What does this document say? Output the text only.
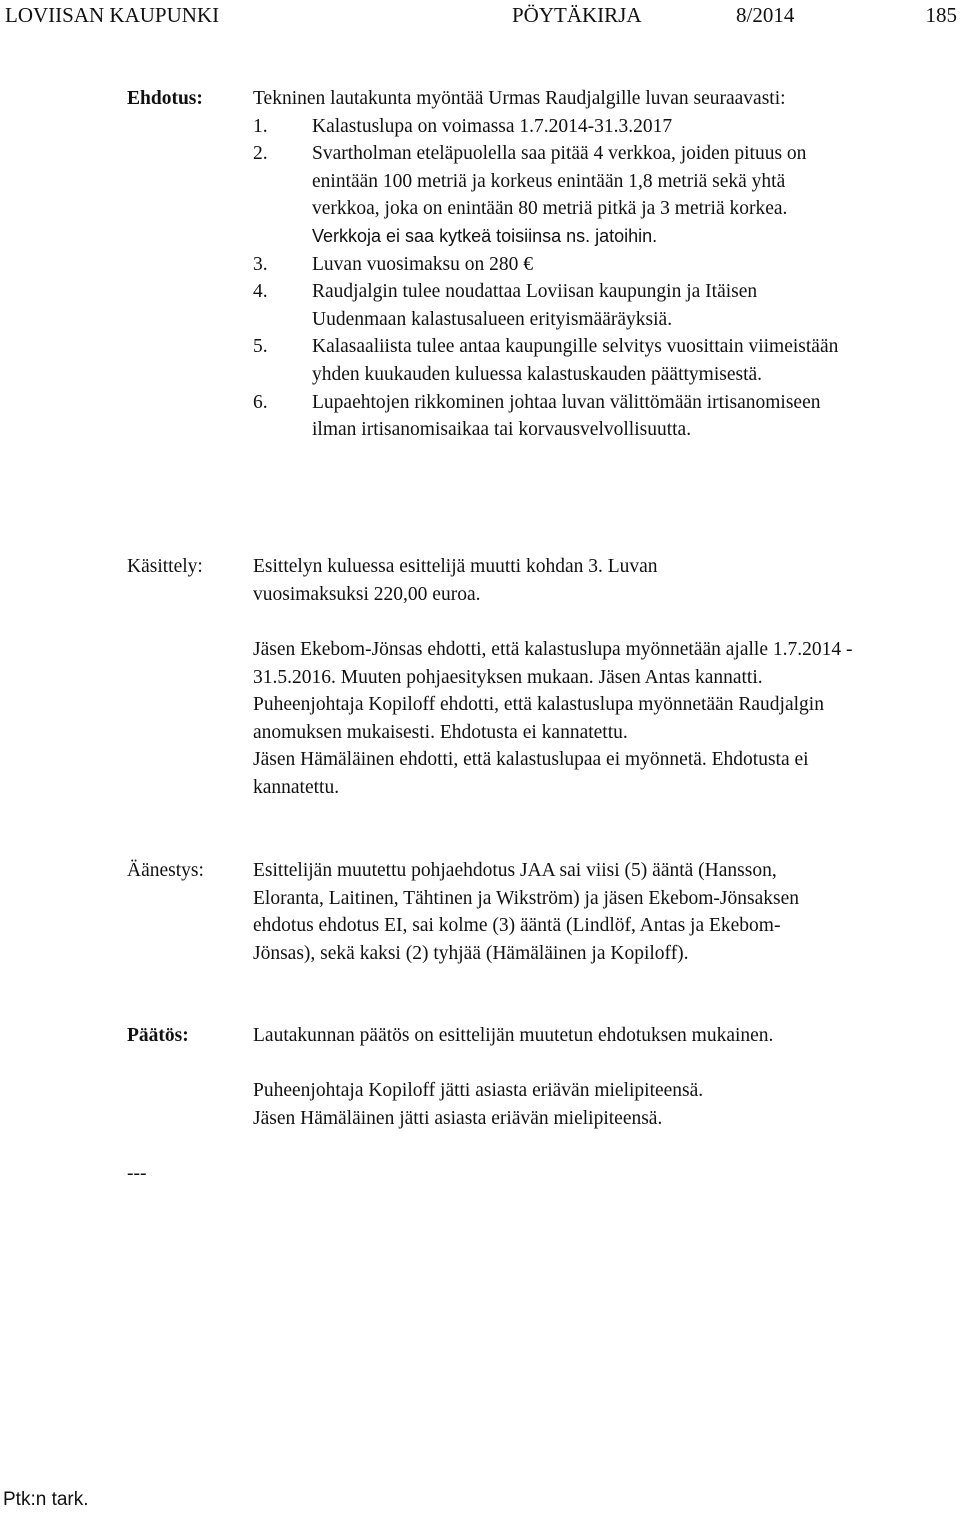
LOVIISAN KAUPUNKI	PÖYTÄKIRJA	8/2014	185
Ehdotus:	Tekninen lautakunta myöntää Urmas Raudjalgille luvan seuraavasti:

1. Kalastuslupa on voimassa 1.7.2014-31.3.2017
2. Svartholman eteläpuolella saa pitää 4 verkkoa, joiden pituus on enintään 100 metriä ja korkeus enintään 1,8 metriä sekä yhtä verkkoa, joka on enintään 80 metriä pitkä ja 3 metriä korkea. Verkkoja ei saa kytkeä toisiinsa ns. jatoihin.
3. Luvan vuosimaksu on 280 €
4. Raudjalgin tulee noudattaa Loviisan kaupungin ja Itäisen Uudenmaan kalastusalueen erityismääräyksiä.
5. Kalasaaliista tulee antaa kaupungille selvitys vuosittain viimeistään yhden kuukauden kuluessa kalastuskauden päättymisestä.
6. Lupaehtojen rikkominen johtaa luvan välittömään irtisanomiseen ilman irtisanomisaikaa tai korvausvelvollisuutta.
Käsittely:	Esittelyn kuluessa esittelijä muutti kohdan 3. Luvan vuosimaksuksi 220,00 euroa.

Jäsen Ekebom-Jönsas ehdotti, että kalastuslupa myönnetään ajalle 1.7.2014 - 31.5.2016. Muuten pohjaesityksen mukaan. Jäsen Antas kannatti.

Puheenjohtaja Kopiloff ehdotti, että kalastuslupa myönnetään Raudjalgin anomuksen mukaisesti. Ehdotusta ei kannatettu.

Jäsen Hämäläinen ehdotti, että kalastuslupaa ei myönnetä. Ehdotusta ei kannatettu.

Äänestys:	Esittelijän muutettu pohjaehdotus JAA sai viisi (5) ääntä (Hansson, Eloranta, Laitinen, Tähtinen ja Wikström) ja jäsen Ekebom-Jönsaksen ehdotus ehdotus EI, sai kolme (3) ääntä (Lindlöf, Antas ja Ekebom-Jönsas), sekä kaksi (2) tyhjää (Hämäläinen ja Kopiloff).

Päätös:	Lautakunnan päätös on esittelijän muutetun ehdotuksen mukainen.

Puheenjohtaja Kopiloff jätti asiasta eriävän mielipiteensä.

Jäsen Hämäläinen jätti asiasta eriävän mielipiteensä.

---
Ptk:n tark.
